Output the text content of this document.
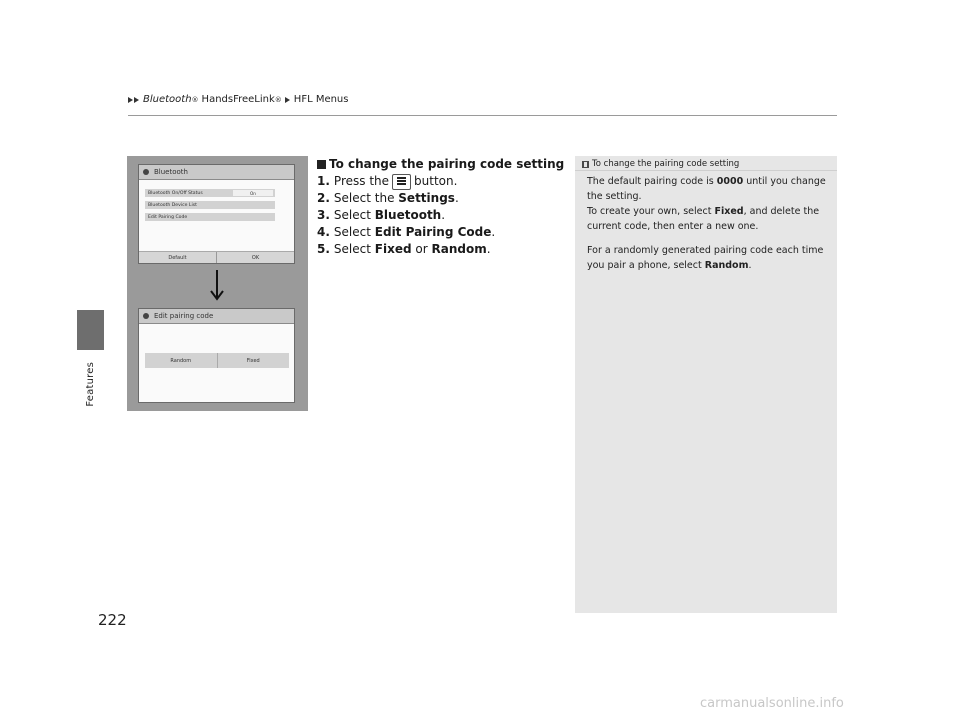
Bluetooth ® HandsFreeLink ® HFL Menus
Features
222
Bluetooth
Bluetooth On/Off Status	On
Bluetooth Device List
Edit Pairing Code
Default	OK
Edit pairing code
Random	Fixed
To change the pairing code setting
1. Press the button.
2. Select the
Settings .
3. Select
Bluetooth .
4. Select
Edit Pairing Code .
5. Select
Fixed
or
Random .
To change the pairing code setting

The default pairing code is 0000 until you change the setting.

To create your own, select Fixed, and delete the current code, then enter a new one.

For a randomly generated pairing code each time you pair a phone, select Random.

carmanualsonline.info
